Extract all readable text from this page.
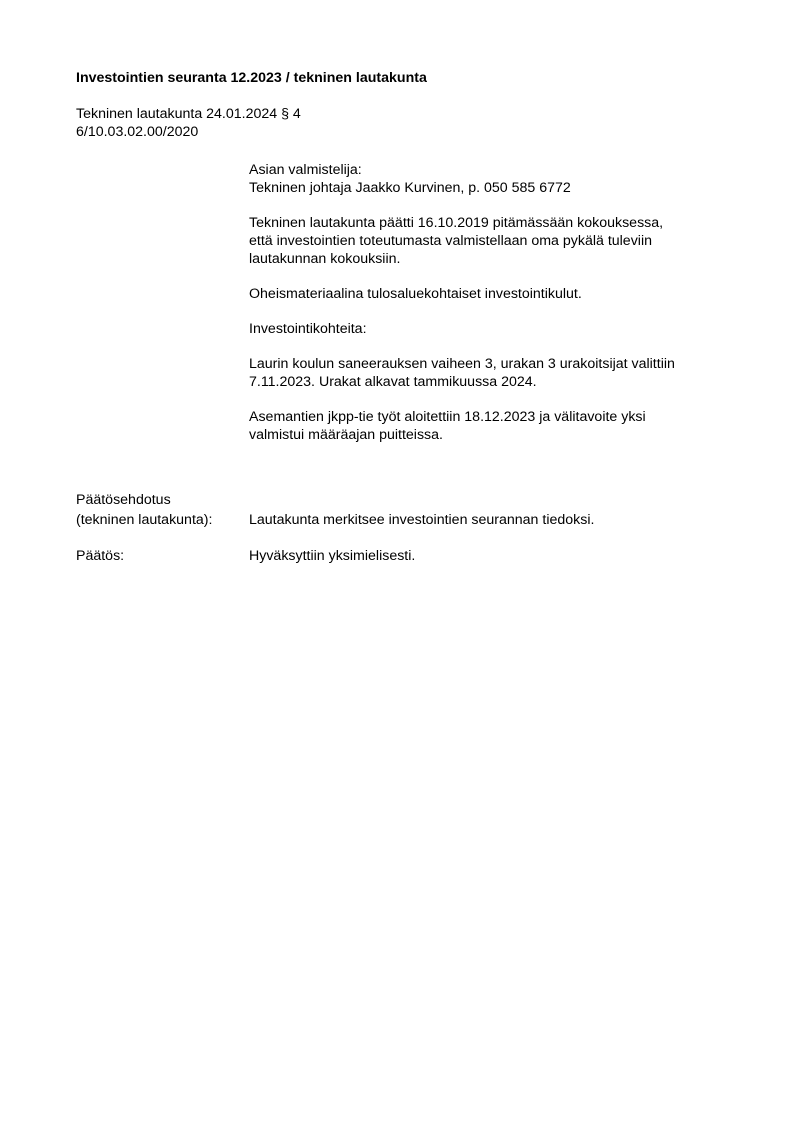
Investointien seuranta 12.2023 / tekninen lautakunta
Tekninen lautakunta 24.01.2024 § 4
6/10.03.02.00/2020

Asian valmistelija:

Tekninen johtaja Jaakko Kurvinen, p. 050 585 6772

Tekninen lautakunta päätti 16.10.2019 pitämässään kokouksessa,

että investointien toteutumasta valmistellaan oma pykälä tuleviin

lautakunnan kokouksiin.

Oheismateriaalina tulosaluekohtaiset investointikulut.

Investointikohteita:

Laurin koulun saneerauksen vaiheen 3, urakan 3 urakoitsijat valittiin

7.11.2023. Urakat alkavat tammikuussa 2024.

Asemantien jkpp-tie työt aloitettiin 18.12.2023 ja välitavoite yksi

valmistui määräajan puitteissa.

Päätösehdotus
(tekninen lautakunta):	Lautakunta merkitsee investointien seurannan tiedoksi.
Päätös:	Hyväksyttiin yksimielisesti.
